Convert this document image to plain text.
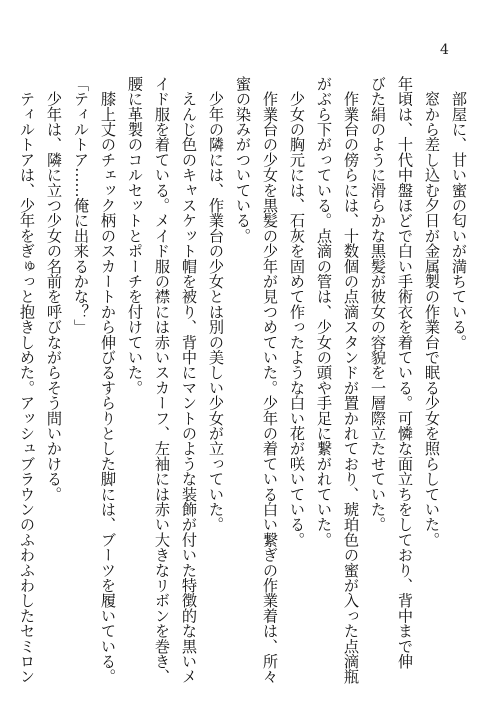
4

　部屋に、甘い蜜の匂いが満ちている。

　窓から差し込む夕日が金属製の作業台で眠る少女を照らしていた。

年頃は、十代中盤ほどで白い手術衣を着ている。可憐な面立ちをしており、背中まで伸

びた絹のように滑らかな黒髪が彼女の容貌を一層際立たせていた。

　作業台の傍らには、十数個の点滴スタンドが置かれており、琥珀色の蜜が入った点滴瓶

がぶら下がっている。点滴の管は、少女の頭や手足に繋がれていた。

　少女の胸元には、石灰を固めて作ったような白い花が咲いている。

　作業台の少女を黒髪の少年が見つめていた。少年の着ている白い繋ぎの作業着は、所々

蜜の染みがついている。

　少年の隣には、作業台の少女とは別の美しい少女が立っていた。

　えんじ色のキャスケット帽を被り、背中にマントのような装飾が付いた特徴的な黒いメ

イド服を着ている。メイド服の襟には赤いスカーフ、左袖には赤い大きなリボンを巻き、

腰に革製のコルセットとポーチを付けていた。

　膝上丈のチェック柄のスカートから伸びるすらりとした脚には、ブーツを履いている。

「ティルトア……俺に出来るかな？」

　少年は、隣に立つ少女の名前を呼びながらそう問いかける。

　ティルトアは、少年をぎゅっと抱きしめた。アッシュブラウンのふわふわしたセミロン
